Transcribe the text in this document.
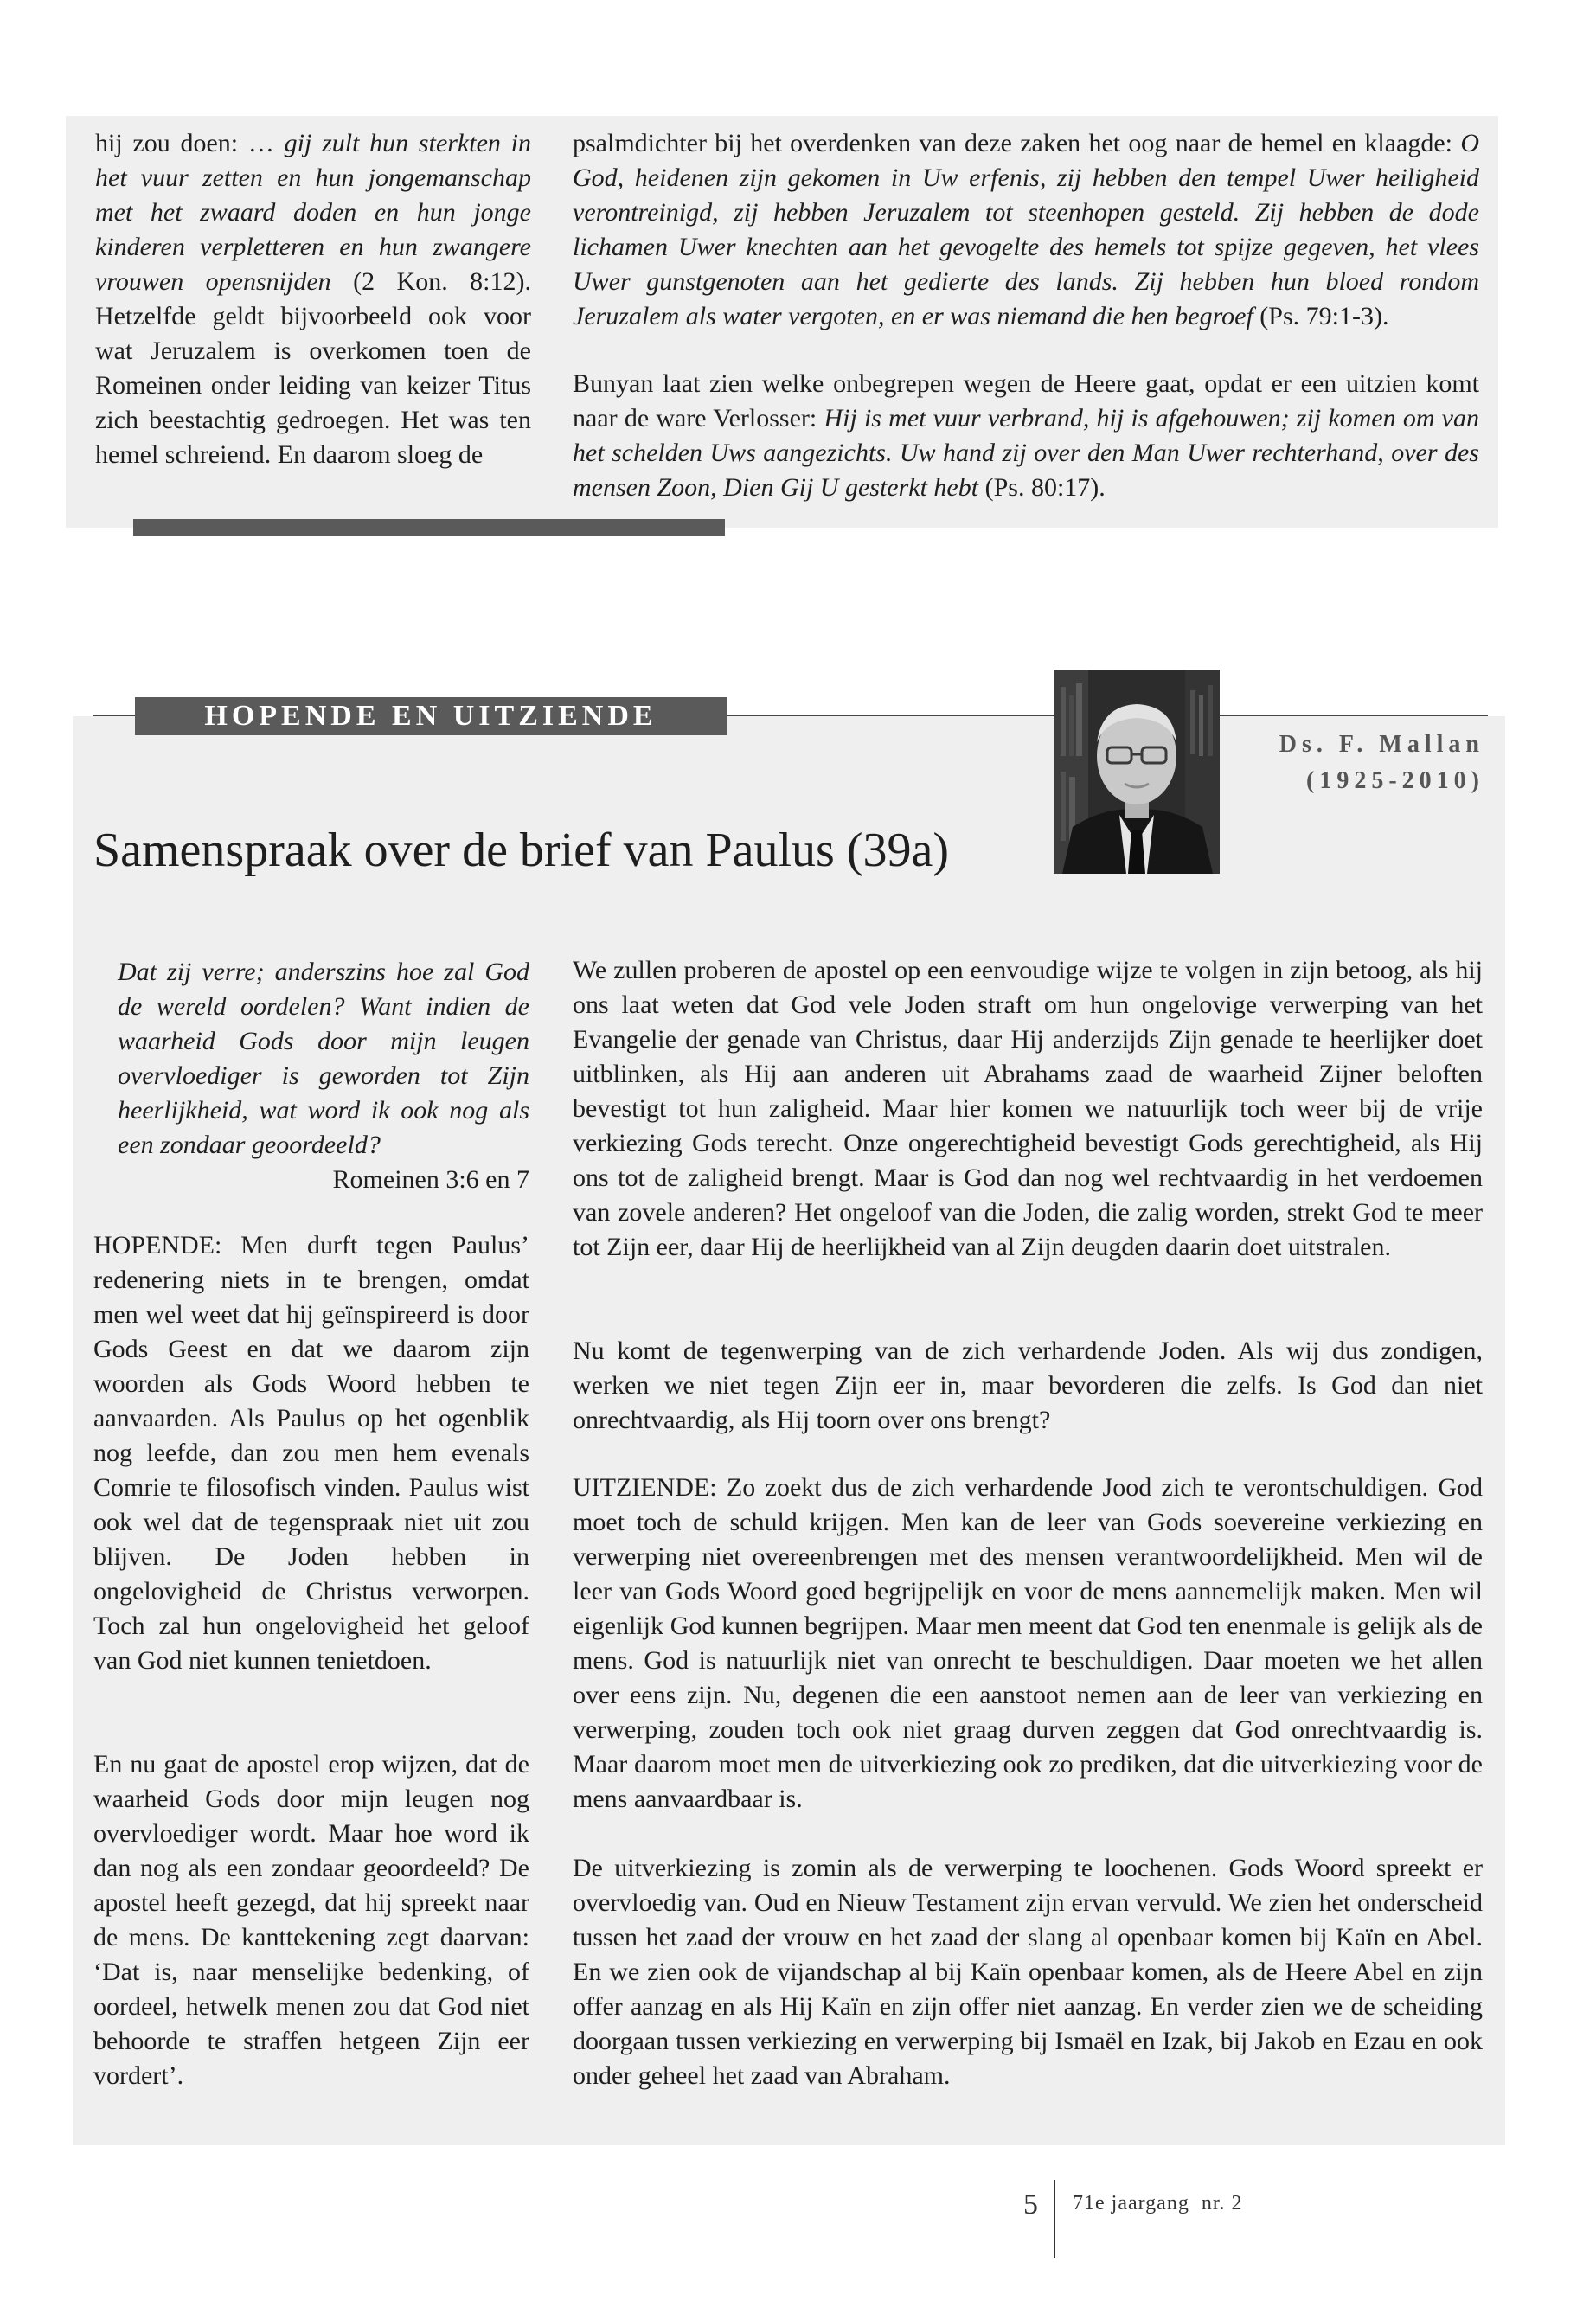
hij zou doen: … gij zult hun sterkten in het vuur zetten en hun jongemanschap met het zwaard doden en hun jonge kinderen verpletteren en hun zwangere vrouwen opensnijden (2 Kon. 8:12). Hetzelfde geldt bijvoorbeeld ook voor wat Jeruzalem is overkomen toen de Romeinen onder leiding van keizer Titus zich beestachtig gedroegen. Het was ten hemel schreiend. En daarom sloeg de

psalmdichter bij het overdenken van deze zaken het oog naar de hemel en klaagde: O God, heidenen zijn gekomen in Uw erfenis, zij hebben den tempel Uwer heiligheid verontreinigd, zij hebben Jeruzalem tot steenhopen gesteld. Zij hebben de dode lichamen Uwer knechten aan het gevogelte des hemels tot spijze gegeven, het vlees Uwer gunstgenoten aan het gedierte des lands. Zij hebben hun bloed rondom Jeruzalem als water vergoten, en er was niemand die hen begroef (Ps. 79:1-3).

Bunyan laat zien welke onbegrepen wegen de Heere gaat, opdat er een uitzien komt naar de ware Verlosser: Hij is met vuur verbrand, hij is afgehouwen; zij komen om van het schelden Uws aangezichts. Uw hand zij over den Man Uwer rechterhand, over des mensen Zoon, Dien Gij U gesterkt hebt (Ps. 80:17).

HOPENDE EN UITZIENDE
Ds. F. Mallan
(1925-2010)
Samenspraak over de brief van Paulus (39a)

Dat zij verre; anderszins hoe zal God de wereld oordelen? Want indien de waarheid Gods door mijn leugen overvloediger is geworden tot Zijn heerlijkheid, wat word ik ook nog als een zondaar geoordeeld?

Romeinen 3:6 en 7

HOPENDE: Men durft tegen Paulus’ redenering niets in te brengen, omdat men wel weet dat hij geïnspireerd is door Gods Geest en dat we daarom zijn woorden als Gods Woord hebben te aanvaarden. Als Paulus op het ogenblik nog leefde, dan zou men hem evenals Comrie te filosofisch vinden. Paulus wist ook wel dat de tegenspraak niet uit zou blijven. De Joden hebben in ongelovigheid de Christus verworpen. Toch zal hun ongelovigheid het geloof van God niet kunnen tenietdoen.

En nu gaat de apostel erop wijzen, dat de waarheid Gods door mijn leugen nog overvloediger wordt. Maar hoe word ik dan nog als een zondaar geoordeeld? De apostel heeft gezegd, dat hij spreekt naar de mens. De kanttekening zegt daarvan: ‘Dat is, naar menselijke bedenking, of oordeel, hetwelk menen zou dat God niet behoorde te straffen hetgeen Zijn eer vordert’.

We zullen proberen de apostel op een eenvoudige wijze te volgen in zijn betoog, als hij ons laat weten dat God vele Joden straft om hun ongelovige verwerping van het Evangelie der genade van Christus, daar Hij anderzijds Zijn genade te heerlijker doet uitblinken, als Hij aan anderen uit Abrahams zaad de waarheid Zijner beloften bevestigt tot hun zaligheid. Maar hier komen we natuurlijk toch weer bij de vrije verkiezing Gods terecht. Onze ongerechtigheid bevestigt Gods gerechtigheid, als Hij ons tot de zaligheid brengt. Maar is God dan nog wel rechtvaardig in het verdoemen van zovele anderen? Het ongeloof van die Joden, die zalig worden, strekt God te meer tot Zijn eer, daar Hij de heerlijkheid van al Zijn deugden daarin doet uitstralen.

Nu komt de tegenwerping van de zich verhardende Joden. Als wij dus zondigen, werken we niet tegen Zijn eer in, maar bevorderen die zelfs. Is God dan niet onrechtvaardig, als Hij toorn over ons brengt?

UITZIENDE: Zo zoekt dus de zich verhardende Jood zich te verontschuldigen. God moet toch de schuld krijgen. Men kan de leer van Gods soevereine verkiezing en verwerping niet overeenbrengen met des mensen verantwoordelijkheid. Men wil de leer van Gods Woord goed begrijpelijk en voor de mens aannemelijk maken. Men wil eigenlijk God kunnen begrijpen. Maar men meent dat God ten enenmale is gelijk als de mens. God is natuurlijk niet van onrecht te beschuldigen. Daar moeten we het allen over eens zijn. Nu, degenen die een aanstoot nemen aan de leer van verkiezing en verwerping, zouden toch ook niet graag durven zeggen dat God onrechtvaardig is. Maar daarom moet men de uitverkiezing ook zo prediken, dat die uitverkiezing voor de mens aanvaardbaar is.

De uitverkiezing is zomin als de verwerping te loochenen. Gods Woord spreekt er overvloedig van. Oud en Nieuw Testament zijn ervan vervuld. We zien het onderscheid tussen het zaad der vrouw en het zaad der slang al openbaar komen bij Kaïn en Abel. En we zien ook de vijandschap al bij Kaïn openbaar komen, als de Heere Abel en zijn offer aanzag en als Hij Kaïn en zijn offer niet aanzag. En verder zien we de scheiding doorgaan tussen verkiezing en verwerping bij Ismaël en Izak, bij Jakob en Ezau en ook onder geheel het zaad van Abraham.

5 71e jaargang  nr. 2
